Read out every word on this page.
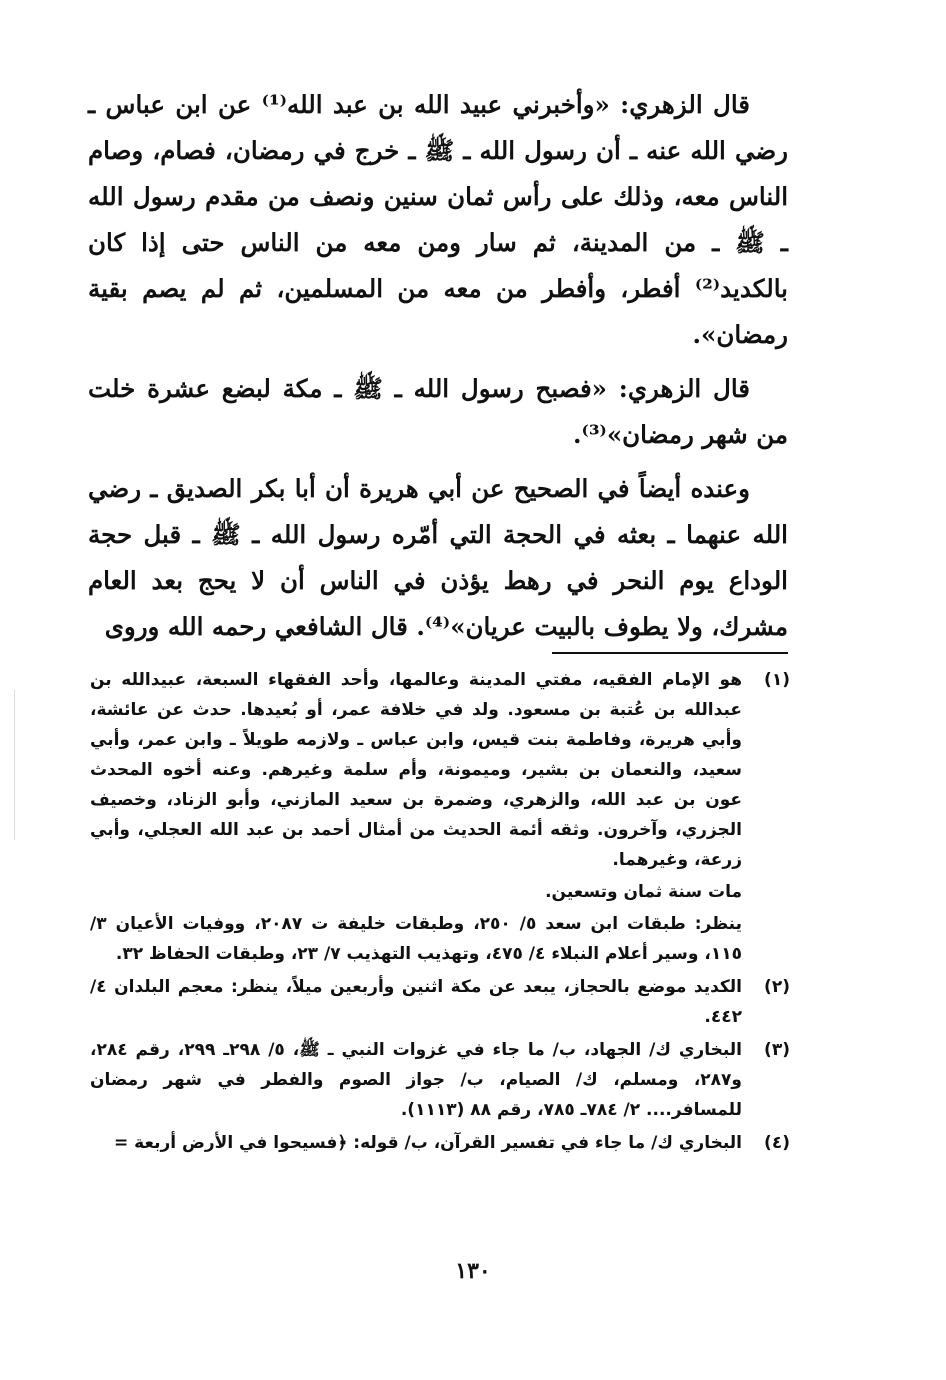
قال الزهري: «وأخبرني عبيد الله بن عبد الله⁽¹⁾ عن ابن عباس ـ رضي الله عنه ـ أن رسول الله ـ ﷺ ـ خرج في رمضان، فصام، وصام الناس معه، وذلك على رأس ثمان سنين ونصف من مقدم رسول الله ـ ﷺ ـ من المدينة، ثم سار ومن معه من الناس حتى إذا كان بالكديد⁽²⁾ أفطر، وأفطر من معه من المسلمين، ثم لم يصم بقية رمضان».

قال الزهري: «فصبح رسول الله ـ ﷺ ـ مكة لبضع عشرة خلت من شهر رمضان»⁽³⁾.

وعنده أيضاً في الصحيح عن أبي هريرة أن أبا بكر الصديق ـ رضي الله عنهما ـ بعثه في الحجة التي أمّره رسول الله ـ ﷺ ـ قبل حجة الوداع يوم النحر في رهط يؤذن في الناس أن لا يحج بعد العام مشرك، ولا يطوف بالبيت عريان»⁽⁴⁾. قال الشافعي رحمه الله وروى

(١)
هو الإمام الفقيه، مفتي المدينة وعالمها، وأحد الفقهاء السبعة، عبيدالله بن عبدالله بن عُتبة بن مسعود. ولد في خلافة عمر، أو بُعيدها. حدث عن عائشة، وأبي هريرة، وفاطمة بنت قيس، وابن عباس ـ ولازمه طويلاً ـ وابن عمر، وأبي سعيد، والنعمان بن بشير، وميمونة، وأم سلمة وغيرهم. وعنه أخوه المحدث عون بن عبد الله، والزهري، وضمرة بن سعيد المازني، وأبو الزناد، وخصيف الجزري، وآخرون. وثقه أئمة الحديث من أمثال أحمد بن عبد الله العجلي، وأبي زرعة، وغيرهما.
مات سنة ثمان وتسعين.
ينظر: طبقات ابن سعد ٥/ ٢٥٠، وطبقات خليفة ت ٢٠٨٧، ووفيات الأعيان ٣/ ١١٥، وسير أعلام النبلاء ٤/ ٤٧٥، وتهذيب التهذيب ٧/ ٢٣، وطبقات الحفاظ ٣٢.
(٢)
الكديد موضع بالحجاز، يبعد عن مكة اثنين وأربعين ميلاً، ينظر: معجم البلدان ٤/ ٤٤٢.
(٣)
البخاري ك/ الجهاد، ب/ ما جاء في غزوات النبي ـ ﷺ، ٥/ ٢٩٨ـ ٢٩٩، رقم ٢٨٤، و٢٨٧، ومسلم، ك/ الصيام، ب/ جواز الصوم والفطر في شهر رمضان للمسافر.... ٢/ ٧٨٤ـ ٧٨٥، رقم ٨٨ (١١١٣).
(٤)
البخاري ك/ ما جاء في تفسير القرآن، ب/ قوله: ﴿فسيحوا في الأرض أربعة =
١٣٠
